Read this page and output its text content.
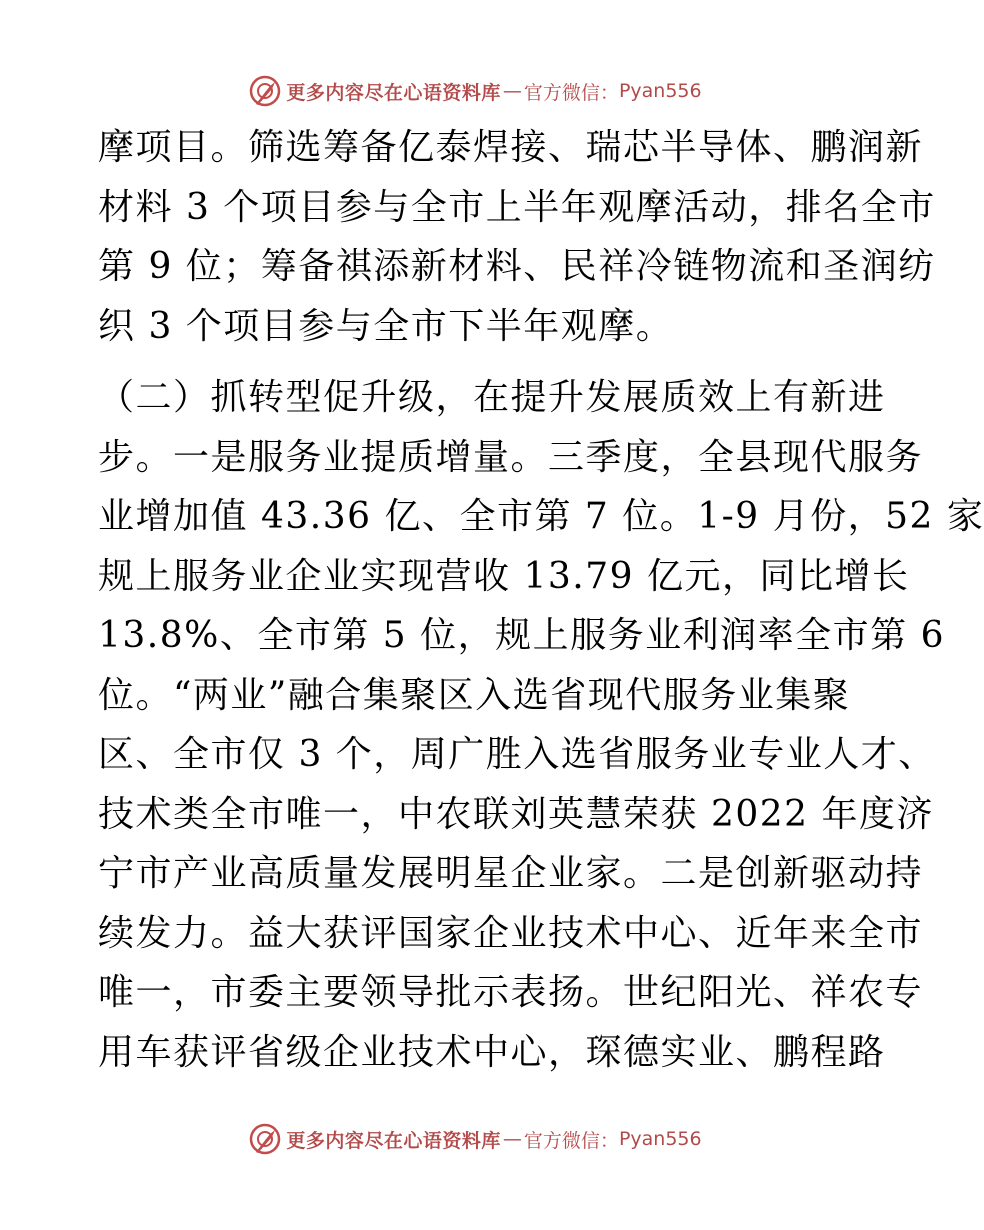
更多内容尽在心语资料库 — 官方微信： Pyan556
摩项目。筛选筹备亿泰焊接、瑞芯半导体、鹏润新
材料 3 个项目参与全市上半年观摩活动，排名全市
第 9 位；筹备祺添新材料、民祥冷链物流和圣润纺
织 3 个项目参与全市下半年观摩。
（二）抓转型促升级，在提升发展质效上有新进
步。一是服务业提质增量。三季度，全县现代服务
业增加值 43.36 亿、全市第 7 位。1-9 月份，52 家
规上服务业企业实现营收 13.79 亿元，同比增长
13.8%、全市第 5 位，规上服务业利润率全市第 6
位。“两业”融合集聚区入选省现代服务业集聚
区、全市仅 3 个，周广胜入选省服务业专业人才、
技术类全市唯一，中农联刘英慧荣获 2022 年度济
宁市产业高质量发展明星企业家。二是创新驱动持
续发力。益大获评国家企业技术中心、近年来全市
唯一，市委主要领导批示表扬。世纪阳光、祥农专
用车获评省级企业技术中心，琛德实业、鹏程路
更多内容尽在心语资料库 — 官方微信： Pyan556
